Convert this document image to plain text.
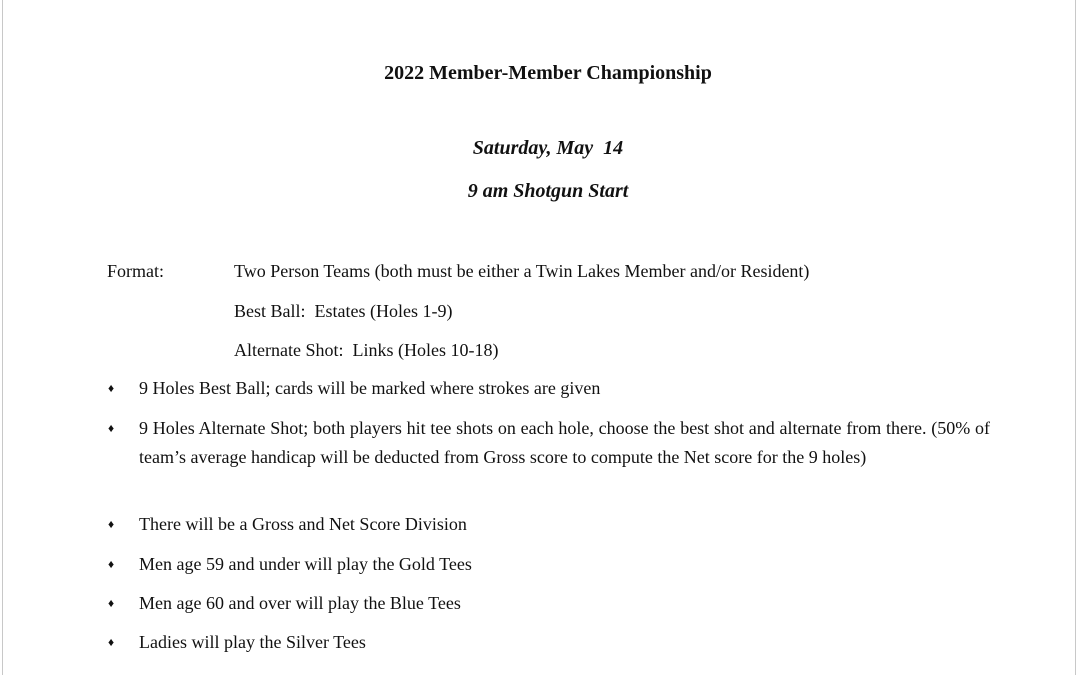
2022 Member-Member Championship
Saturday, May  14
9 am Shotgun Start
Format:	Two Person Teams (both must be either a Twin Lakes Member and/or Resident)
Best Ball:  Estates (Holes 1-9)
Alternate Shot:  Links (Holes 10-18)
♦	9 Holes Best Ball; cards will be marked where strokes are given
♦	9 Holes Alternate Shot; both players hit tee shots on each hole, choose the best shot and alternate from there. (50% of team’s average handicap will be deducted from Gross score to compute the Net score for the 9 holes)
♦	There will be a Gross and Net Score Division
♦	Men age 59 and under will play the Gold Tees
♦	Men age 60 and over will play the Blue Tees
♦	Ladies will play the Silver Tees
